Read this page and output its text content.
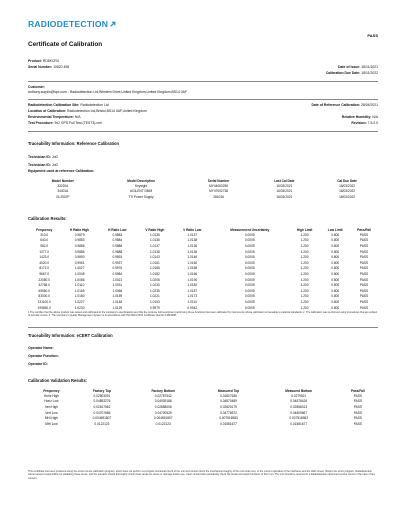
RADIODETECTION
PASS
Certificate of Calibration
Product: RD8KCRX
Serial Number: 10820 498	Date of Issue: 18/11/2021
Calibration Due Date: 18/11/2022
Customer:
anthony.surplin@spx.com - Radiodetection Ltd,Western Drive,United Kingdom,United Kingdom,BS14 0AF
Radiodetection Calibration Site: Radiodetection Ltd	Date of Reference Calibration: 28/04/2021
Location of Calibration: Radiodetection Ltd,Bristol,BS14 0AF,United Kingdom
Environmental Temperature: N/A	Relative Humidity: N/A
Test Procedure: 9x2 GPS Full Test (TEST3).xml	Revision: 7.5.2.0
Traceability Information: Reference Calibration
Technician ID: JoD
Technician ID: JoD
Equipment used at reference Calibration:
Model Number	Model Description	Serial Number	Last Cal Date	Cal Due Date
33220A	Keysight	MY44063296	16/03/2021	16/03/2022
34401A	AGILENT DMM	MY47002738	16/03/2021	16/03/2022
GL2507P	TTi Power Supply	281036	16/03/2021	16/03/2022
Calibration Results:
Frequency	H Ratio High	H Ratio Low	V Ratio High	V Ratio Low	Measurement Uncertainty	High Limit	Low Limit	Pass/Fail
310.0	0.9879	0.9883	1.0135	1.0137	0.0005	1.200	0.800	PASS
640.0	0.9883	0.9884	1.0136	1.0138	0.0005	1.200	0.800	PASS
982.0	0.9886	0.9886	1.0137	1.0136	0.0005	1.200	0.800	PASS
1077.0	0.9886	0.9888	1.0138	1.0135	0.0005	1.200	0.800	PASS
1423.0	0.9890	0.9893	1.0143	1.0146	0.0005	1.200	0.800	PASS
4020.0	0.9961	0.9937	1.0161	1.0160	0.0005	1.200	0.800	PASS
8172.0	1.0027	0.9976	1.0166	1.0168	0.0005	1.200	0.800	PASS
9667.0	1.0045	0.9984	1.0182	1.0166	0.0005	1.200	0.800	PASS
22050.0	1.0086	1.0021	1.0206	1.0190	0.0005	1.200	0.800	PASS
32768.0	1.0110	1.0031	1.0230	1.0182	0.0005	1.200	0.800	PASS
65560.0	1.0165	1.0066	1.0235	1.0187	0.0005	1.200	0.800	PASS
83000.0	1.0180	1.0159	1.0221	1.0173	0.0005	1.200	0.800	PASS
131100.0	1.0227	1.0148	1.0153	1.0110	0.0005	1.200	0.800	PASS
199650.0	1.0230	1.0129	0.9979	0.9942	0.0005	1.200	0.800	PASS
1 The certifies that the above product was tested and calibrated to the company's specifications and that the purpose built equipment performing these functions has been calibrated by instruments whose calibration is traceable to national standards. 2. The calibration was performed using procedures that are subject to periodic review. 3. The Company's Quality Management System is in accordance with ISO 9001:2015 Certificate Number FM23698.
Traceability Information: eCERT Calibration
Operator Name:
Operator Function:
Operator ID:
Calibration Validation Results:
Frequency	Factory Top	Factory Bottom	Measured Top	Measured Bottom	Pass/Fail
Horiz High	0.02803091	0.02787542	0.02807636	0.0279921	PASS
Horiz Low	0.04893276	0.04939188	0.04870489	0.04878426	PASS
Vert High	0.02817562	0.02858006	0.02825179	0.02856313	PASS
Vert Low	0.04707686	0.04700529	0.04776572	0.04809667	PASS
MHi High	0.004691807	0.004691807	0.007516983	0.007516983	PASS
MHi Low	0.0122123	0.0122123	0.01581677	0.01581677	PASS
This certificate has been produced using the eCert remote calibration program. eCert does not perform a complete functional check of the unit and cannot check the mechanical integrity of the unit under test, or the current operation of the interfaces and the LED screen. Before the eCert program, Radiodetection cannot accept responsibility for validating these areas, and the operator should thoroughly check these areas for cause or damage before use. Users should also periodically check the locate and depth functions of their unit. The unit should be returned to a Radiodetection approved service centre in the case of any concern.
